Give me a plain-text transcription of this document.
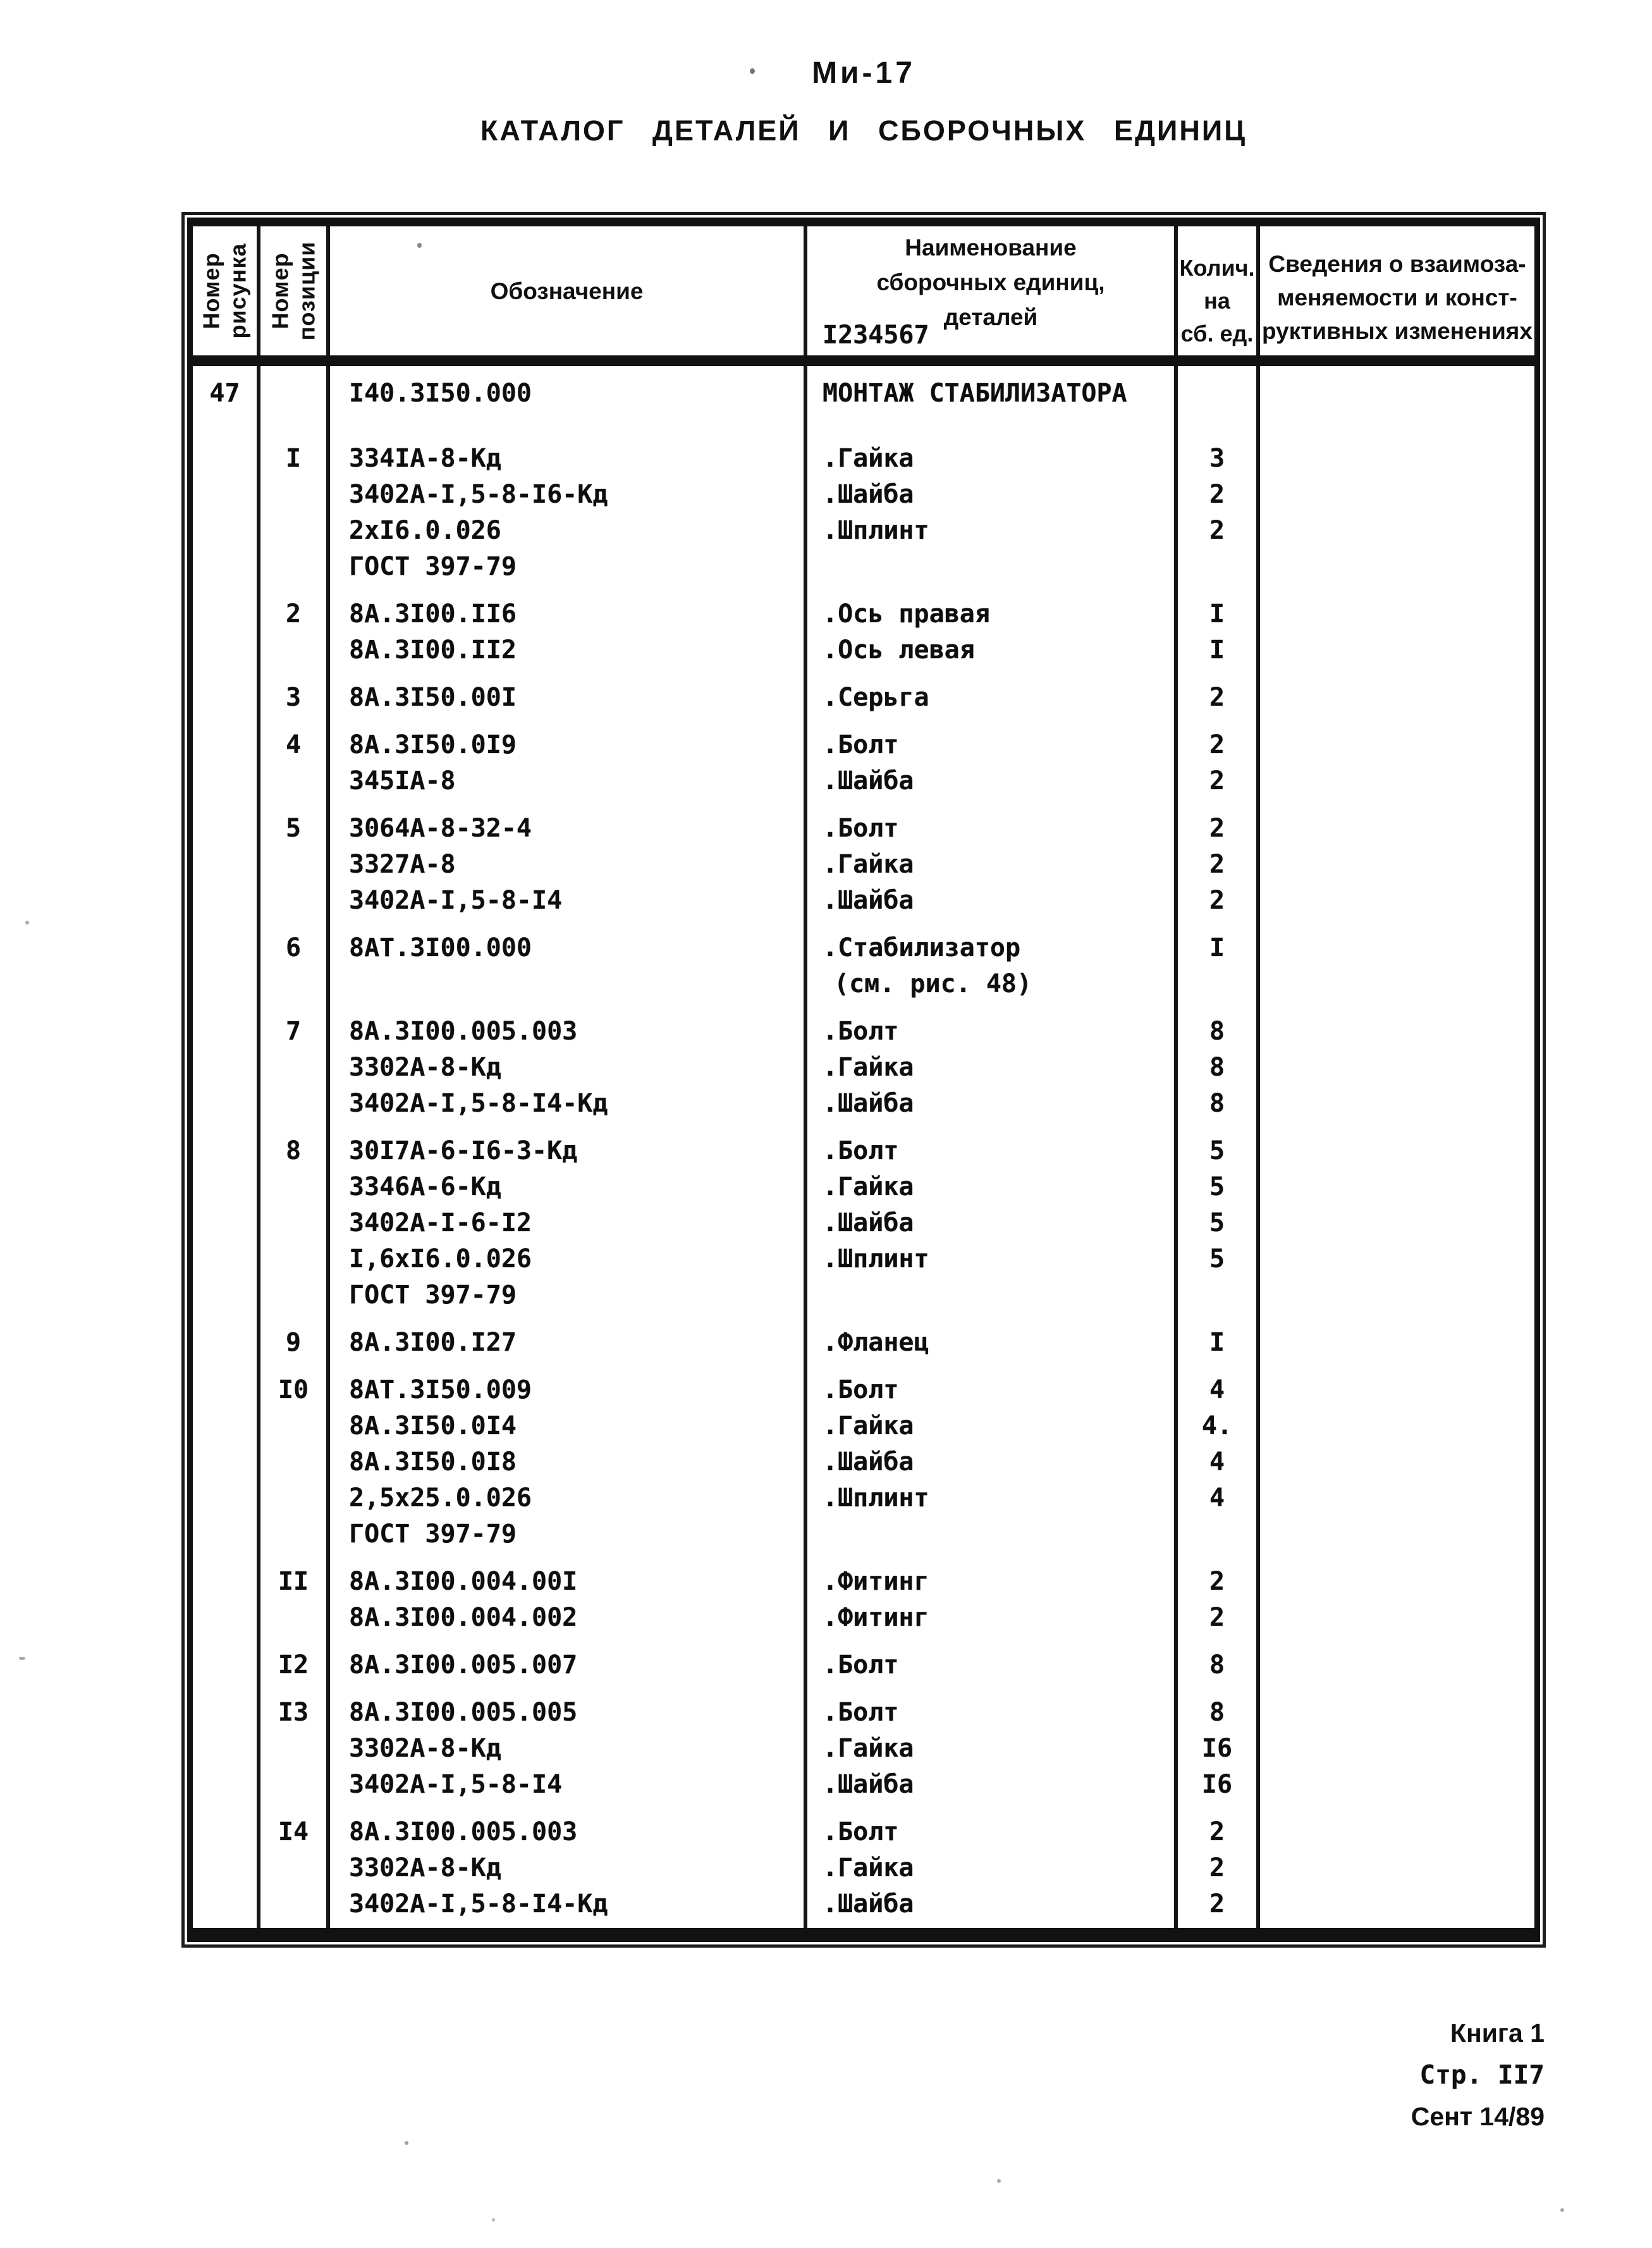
Ми-17
КАТАЛОГ ДЕТАЛЕЙ И СБОРОЧНЫХ ЕДИНИЦ
Номер
рисунка Номер
позиции	Обозначение
Наименование
сборочных единиц,
деталей
I234567
Колич.
на
сб. ед.
Сведения о взаимоза-
меняемости и конст-
руктивных изменениях
47
I
2
3
4
5
6
7
8
9
I0
II
I2
I3
I4
I40.3I50.000
334IА-8-Кд
3402А-I,5-8-I6-Кд
2хI6.0.026
ГОСТ 397-79
8А.3I00.II6
8А.3I00.II2
8А.3I50.00I
8А.3I50.0I9
345IА-8
3064А-8-32-4
3327А-8
3402А-I,5-8-I4
8АТ.3I00.000
8А.3I00.005.003
3302А-8-Кд
3402А-I,5-8-I4-Кд
30I7А-6-I6-3-Кд
3346А-6-Кд
3402А-I-6-I2
I,6хI6.0.026
ГОСТ 397-79
8А.3I00.I27
8АТ.3I50.009
8А.3I50.0I4
8А.3I50.0I8
2,5х25.0.026
ГОСТ 397-79
8А.3I00.004.00I
8А.3I00.004.002
8А.3I00.005.007
8А.3I00.005.005
3302А-8-Кд
3402А-I,5-8-I4
8А.3I00.005.003
3302А-8-Кд
3402А-I,5-8-I4-Кд
МОНТАЖ СТАБИЛИЗАТОРА
.Гайка
.Шайба
.Шплинт
.Ось правая
.Ось левая
.Серьга
.Болт
.Шайба
.Болт
.Гайка
.Шайба
.Стабилизатор
(см. рис. 48)
.Болт
.Гайка
.Шайба
.Болт
.Гайка
.Шайба
.Шплинт
.Фланец
.Болт
.Гайка
.Шайба
.Шплинт
.Фитинг
.Фитинг
.Болт
.Болт
.Гайка
.Шайба
.Болт
.Гайка
.Шайба
3
2
2
I
I
2
2
2
2
2
2
I
8
8
8
5
5
5
5
I
4
4.
4
4
2
2
8
8
I6
I6
2
2
2
Книга 1
Стр. II7
Сент 14/89
